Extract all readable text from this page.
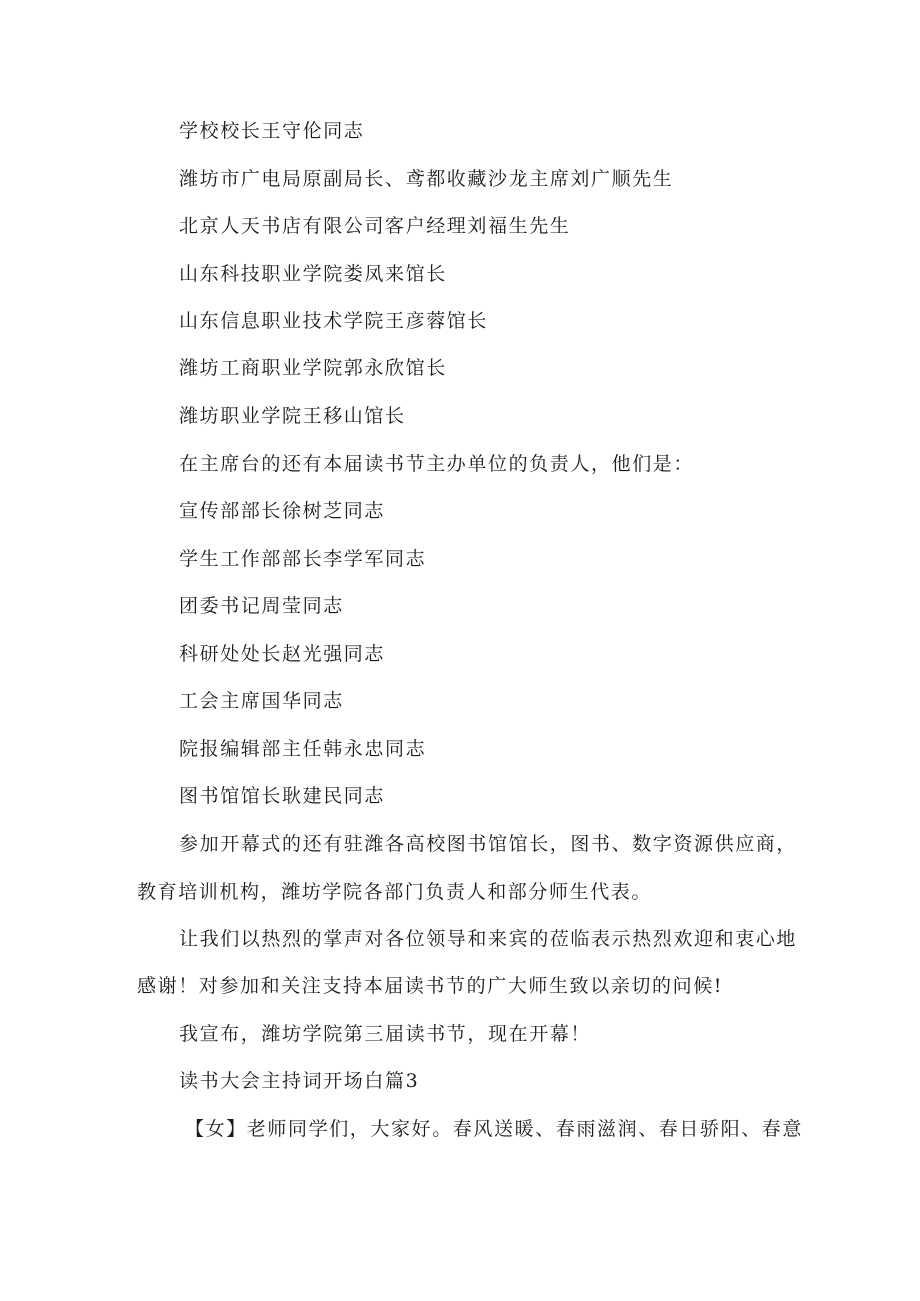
学校校长王守伦同志

潍坊市广电局原副局长、鸢都收藏沙龙主席刘广顺先生

北京人天书店有限公司客户经理刘福生先生

山东科技职业学院娄凤来馆长

山东信息职业技术学院王彦蓉馆长

潍坊工商职业学院郭永欣馆长

潍坊职业学院王移山馆长

在主席台的还有本届读书节主办单位的负责人，他们是：

宣传部部长徐树芝同志

学生工作部部长李学军同志

团委书记周莹同志

科研处处长赵光强同志

工会主席国华同志

院报编辑部主任韩永忠同志

图书馆馆长耿建民同志

参加开幕式的还有驻潍各高校图书馆馆长，图书、数字资源供应商，

教育培训机构，潍坊学院各部门负责人和部分师生代表。

让我们以热烈的掌声对各位领导和来宾的莅临表示热烈欢迎和衷心地

感谢！对参加和关注支持本届读书节的广大师生致以亲切的问候!

我宣布，潍坊学院第三届读书节，现在开幕！

读书大会主持词开场白篇3

【女】老师同学们，大家好。春风送暖、春雨滋润、春日骄阳、春意
